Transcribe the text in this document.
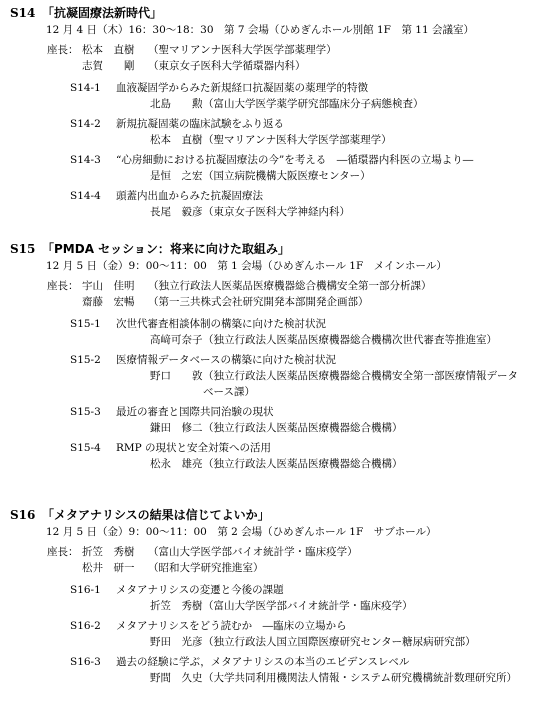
S14 「抗凝固療法新時代」
12 月 4 日（木）16：30～18：30　第 7 会場（ひめぎんホール別館 1F　第 11 会議室）
座長： 松本　直樹 （聖マリアンナ医科大学医学部薬理学）
志賀　　剛 （東京女子医科大学循環器内科）
S14-1 血液凝固学からみた新規経口抗凝固薬の薬理学的特徴
北島　　勲 （富山大学医学薬学研究部臨床分子病態検査）
S14-2 新規抗凝固薬の臨床試験をふり返る
松本　直樹 （聖マリアンナ医科大学医学部薬理学）
S14-3 “心房細動における抗凝固療法の今”を考える　―循環器内科医の立場より―
是恒　之宏 （国立病院機構大阪医療センター）
S14-4 頭蓋内出血からみた抗凝固療法
長尾　毅彦 （東京女子医科大学神経内科）
S15 「PMDA セッション：将来に向けた取組み」
12 月 5 日（金）9：00～11：00　第 1 会場（ひめぎんホール 1F　メインホール）
座長： 宇山　佳明 （独立行政法人医薬品医療機器総合機構安全第一部分析課）
齋藤　宏暢 （第一三共株式会社研究開発本部開発企画部）
S15-1 次世代審査相談体制の構築に向けた検討状況
高﨑可奈子 （独立行政法人医薬品医療機器総合機構次世代審査等推進室）
S15-2 医療情報データベースの構築に向けた検討状況
野口　　敦 （独立行政法人医薬品医療機器総合機構安全第一部医療情報データ
ベース課）
S15-3 最近の審査と国際共同治験の現状
鎌田　修二 （独立行政法人医薬品医療機器総合機構）
S15-4 RMP の現状と安全対策への活用
松永　雄亮 （独立行政法人医薬品医療機器総合機構）
S16 「メタアナリシスの結果は信じてよいか」
12 月 5 日（金）9：00～11：00　第 2 会場（ひめぎんホール 1F　サブホール）
座長： 折笠　秀樹 （富山大学医学部バイオ統計学・臨床疫学）
松井　研一 （昭和大学研究推進室）
S16-1 メタアナリシスの変遷と今後の課題
折笠　秀樹 （富山大学医学部バイオ統計学・臨床疫学）
S16-2 メタアナリシスをどう読むか　―臨床の立場から
野田　光彦 （独立行政法人国立国際医療研究センター糖尿病研究部）
S16-3 過去の経験に学ぶ，メタアナリシスの本当のエビデンスレベル
野間　久史 （大学共同利用機関法人情報・システム研究機構統計数理研究所）
